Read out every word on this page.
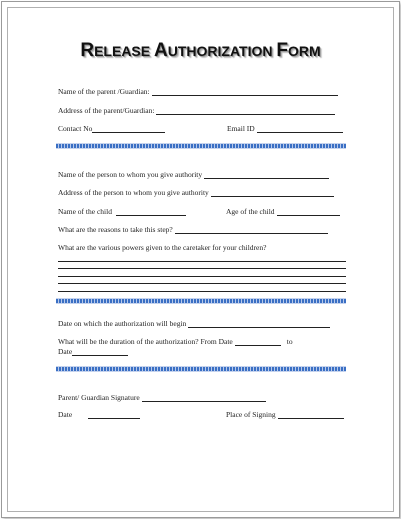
RELEASE AUTHORIZATION FORM
Name of the parent /Guardian:
Address of the parent/Guardian:
Contact No	Email ID
Name of the person to whom you give authority
Address of the person to whom you give authority
Name of the child	Age of the child
What are the reasons to take this step?
What are the various powers given to the caretaker for your children?
Date on which the authorization will begin
What will be the duration of the authorization? From Date	to
Date
Parent/ Guardian Signature
Date	Place of Signing
